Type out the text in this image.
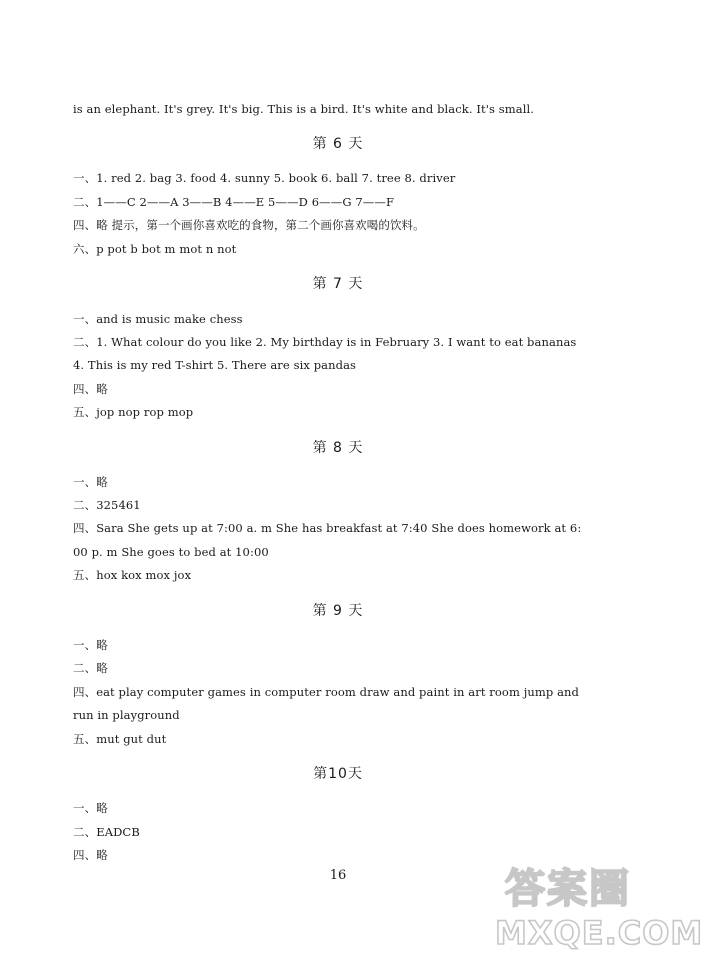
is an elephant. It's grey. It's big. This is a bird. It's white and black. It's small.
第 6 天
一、1. red 2. bag 3. food 4. sunny 5. book 6. ball 7. tree 8. driver
二、1——C 2——A 3——B 4——E 5——D 6——G 7——F
四、略 提示，第一个画你喜欢吃的食物，第二个画你喜欢喝的饮料。
六、p pot b bot m mot n not
第 7 天
一、and is music make chess
二、1. What colour do you like 2. My birthday is in February 3. I want to eat bananas
4. This is my red T-shirt 5. There are six pandas
四、略
五、jop nop rop mop
第 8 天
一、略
二、325461
四、Sara She gets up at 7:00 a. m She has breakfast at 7:40 She does homework at 6:
00 p. m She goes to bed at 10:00
五、hox kox mox jox
第 9 天
一、略
二、略
四、eat play computer games in computer room draw and paint in art room jump and
run in playground
五、mut gut dut
第10天
一、略
二、EADCB
四、略
16	答案圈
MXQE.COM
